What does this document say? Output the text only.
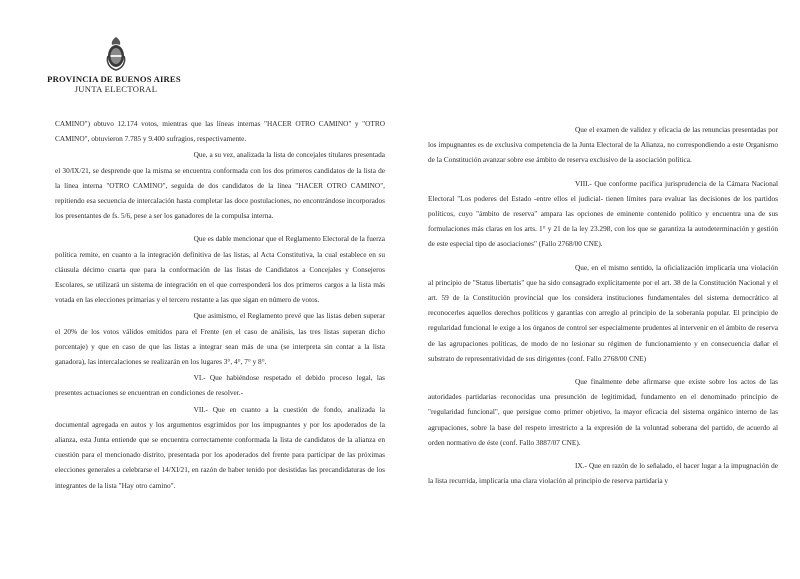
PROVINCIA DE BUENOS AIRES
JUNTA ELECTORAL

CAMINO") obtuvo 12.174 votos, mientras que las líneas internas "HACER OTRO CAMINO" y "OTRO CAMINO", obtuvieron 7.785 y 9.400 sufragios, respectivamente.

Que, a su vez, analizada la lista de concejales titulares presentada el 30/IX/21, se desprende que la misma se encuentra conformada con los dos primeros candidatos de la lista de la línea interna "OTRO CAMINO", seguida de dos candidatos de la línea "HACER OTRO CAMINO", repitiendo esa secuencia de intercalación hasta completar las doce postulaciones, no encontrándose incorporados los presentantes de fs. 5/6, pese a ser los ganadores de la compulsa interna.

Que es dable mencionar que el Reglamento Electoral de la fuerza política remite, en cuanto a la integración definitiva de las listas, al Acta Constitutiva, la cual establece en su cláusula décimo cuarta que para la conformación de las listas de Candidatos a Concejales y Consejeros Escolares, se utilizará un sistema de integración en el que corresponderá los dos primeros cargos a la lista más votada en las elecciones primarias y el tercero restante a las que sigan en número de votos.

Que asimismo, el Reglamento prevé que las listas deben superar el 20% de los votos válidos emitidos para el Frente (en el caso de análisis, las tres listas superan dicho porcentaje) y que en caso de que las listas a integrar sean más de una (se interpreta sin contar a la lista ganadora), las intercalaciones se realizarán en los lugares 3°, 4°, 7° y 8°.

VI.- Que habiéndose respetado el debido proceso legal, las presentes actuaciones se encuentran en condiciones de resolver.-

VII.- Que en cuanto a la cuestión de fondo, analizada la documental agregada en autos y los argumentos esgrimidos por los impugnantes y por los apoderados de la alianza, esta Junta entiende que se encuentra correctamente conformada la lista de candidatos de la alianza en cuestión para el mencionado distrito, presentada por los apoderados del frente para participar de las próximas elecciones generales a celebrarse el 14/XI/21, en razón de haber tenido por desistidas las precandidaturas de los integrantes de la lista "Hay otro camino".

Que el examen de validez y eficacia de las renuncias presentadas por los impugnantes es de exclusiva competencia de la Junta Electoral de la Alianza, no correspondiendo a este Organismo de la Constitución avanzar sobre ese ámbito de reserva exclusivo de la asociación política.

VIII.- Que conforme pacífica jurisprudencia de la Cámara Nacional Electoral "Los poderes del Estado -entre ellos el judicial- tienen límites para evaluar las decisiones de los partidos políticos, cuyo "ámbito de reserva" ampara las opciones de eminente contenido político y encuentra una de sus formulaciones más claras en los arts. 1° y 21 de la ley 23.298, con los que se garantiza la autodeterminación y gestión de este especial tipo de asociaciones" (Fallo 2768/00 CNE).

Que, en el mismo sentido, la oficialización implicaría una violación al principio de "Status libertatis" que ha sido consagrado explícitamente por el art. 38 de la Constitución Nacional y el art. 59 de la Constitución provincial que los considera instituciones fundamentales del sistema democrático al reconocerles aquellos derechos políticos y garantías con arreglo al principio de la soberanía popular. El principio de regularidad funcional le exige a los órganos de control ser especialmente prudentes al intervenir en el ámbito de reserva de las agrupaciones políticas, de modo de no lesionar su régimen de funcionamiento y en consecuencia dañar el substrato de representatividad de sus dirigentes (conf. Fallo 2768/00 CNE)

Que finalmente debe afirmarse que existe sobre los actos de las autoridades partidarias reconocidas una presunción de legitimidad, fundamento en el denominado principio de "regularidad funcional", que persigue como primer objetivo, la mayor eficacia del sistema orgánico interno de las agrupaciones, sobre la base del respeto irrestricto a la expresión de la voluntad soberana del partido, de acuerdo al orden normativo de éste (conf. Fallo 3887/07 CNE).

IX.- Que en razón de lo señalado, el hacer lugar a la impugnación de la lista recurrida, implicaría una clara violación al principio de reserva partidaria y
